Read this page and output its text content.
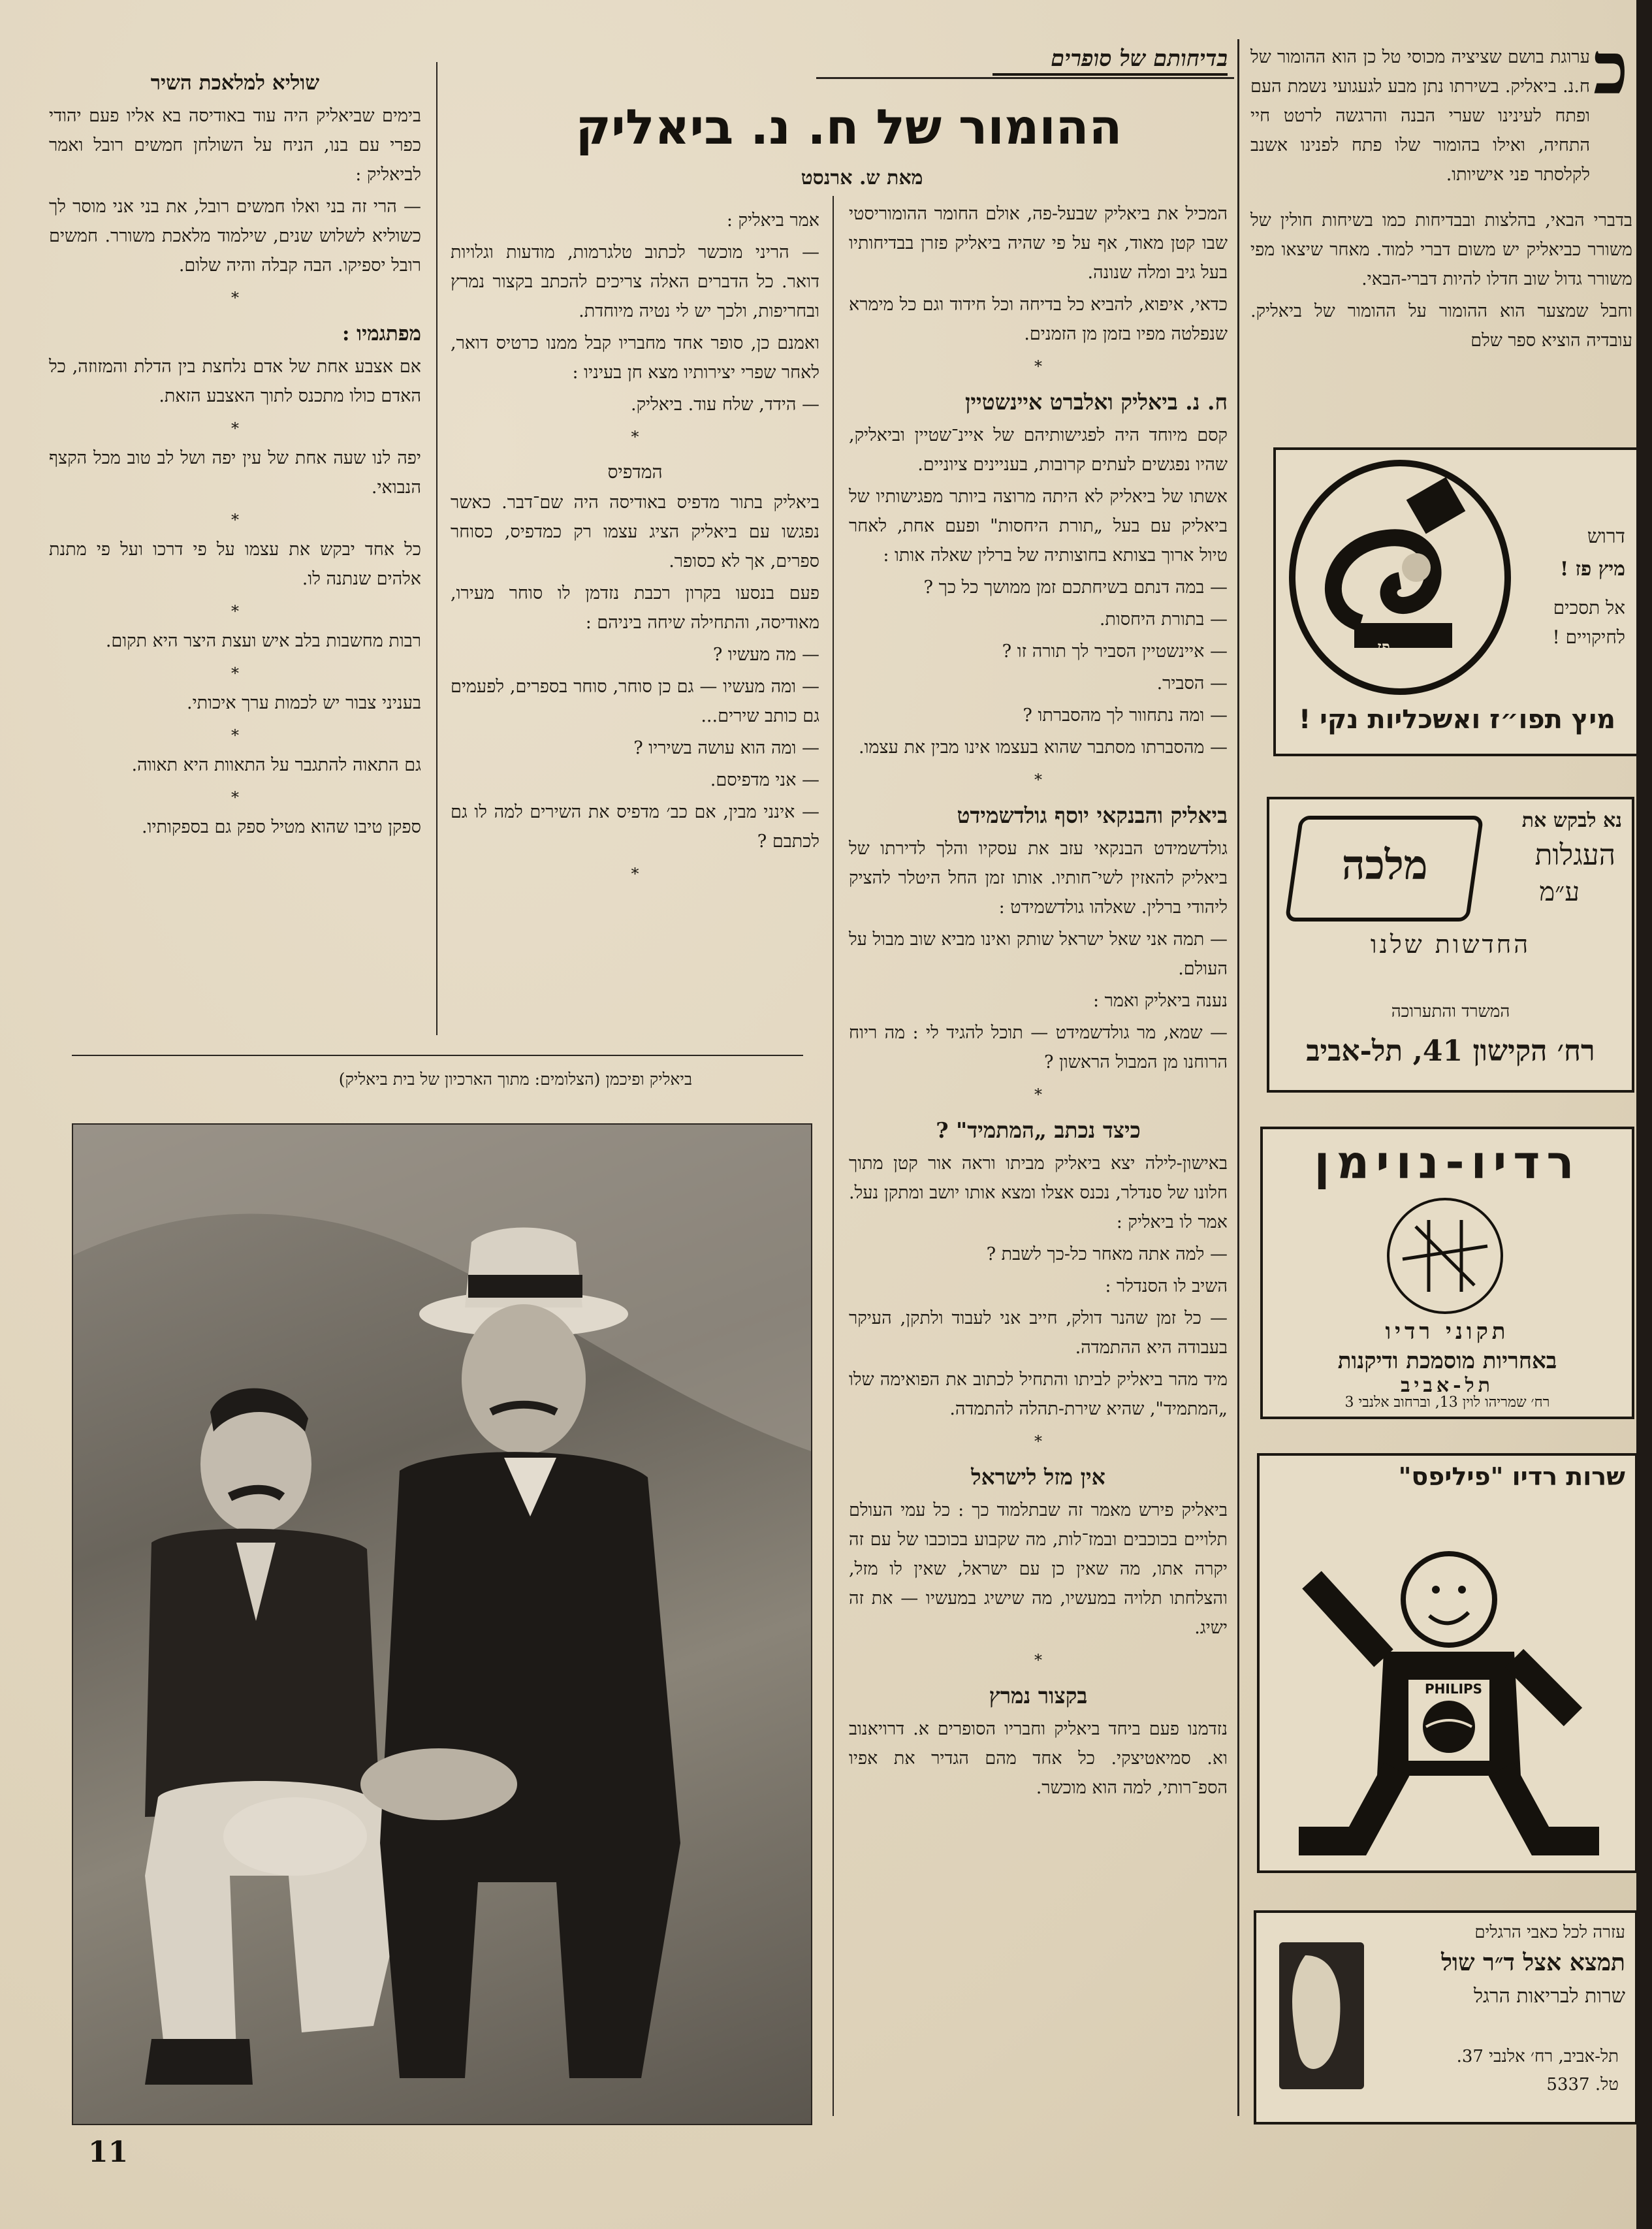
בדיחותם של סופרים
ההומור של ח. נ. ביאליק
מאת ש. ארנסט
כ

ערוגת בושם שציציה מכוסי טל כן הוא ההומור של ח.נ. ביאליק. בשירתו נתן מבע לגעגועי נשמת העם ופתח לעינינו שערי הבנה והרגשה לרטט חיי התחיה, ואילו בהומור שלו פתח לפנינו אשנב לקלסתר פני אישיותו.

בדברי הבאי, בהלצות ובבדיחות כמו בשיחות חולין של משורר כביאליק יש משום דברי למוד. מאחר שיצאו מפי משורר גדול שוב חדלו להיות דברי-הבאי.

וחבל שמצער הוא ההומור על ההומור של ביאליק. עובדיה הוציא ספר שלם

דרוש
מיץ פז !
אל תסכים
לחיקויים !
פז
מיץ תפו״ז ואשכליות נקי !
נא לבקש את
העגלות
ע״מ
מלכה
החדשות שלנו
המשרד והתערוכה
רח׳ הקישון 41, תל-אביב
רדיו-נוימן
תקוני רדיו
באחריות מוסמכת ודיקנות
תל-אביב
רח׳ שמריהו לוין 13, וברחוב אלנבי 3
שרות רדיו "פיליפס"
PHILIPS
עזרה לכל כאבי הרגלים
תמצא אצל ד״ר שול
שרות לבריאות הרגל
תל-אביב, רח׳ אלנבי 37.
טל. 5337

המכיל את ביאליק שבעל-פה, אולם החומר ההומוריסטי שבו קטן מאוד, אף על פי שהיה ביאליק פזרן בבדיחותיו בעל גיב ומלה שנונה.

כדאי, איפוא, להביא כל בדיחה וכל חידוד וגם כל מימרא שנפלטה מפיו בזמן מן הזמנים.

*
ח. נ. ביאליק ואלברט איינשטיין

קסם מיוחד היה לפגישותיהם של איינ־שטיין וביאליק, שהיו נפגשים לעתים קרובות, בעניינים ציוניים.

אשתו של ביאליק לא היתה מרוצה ביותר מפגישותיו של ביאליק עם בעל „תורת היחסות" ופעם אחת, לאחר טיול ארוך בצותא בחוצותיה של ברלין שאלה אותו :

— במה דנתם בשיחתכם זמן ממושך כל כך ?

— בתורת היחסות.

— איינשטיין הסביר לך תורה זו ?

— הסביר.

— ומה נתחוור לך מהסברתו ?

— מהסברתו מסתבר שהוא בעצמו אינו מבין את עצמו.

*
ביאליק והבנקאי יוסף גולדשמידט

גולדשמידט הבנקאי עזב את עסקיו והלך לדירתו של ביאליק להאזין לשי־חותיו. אותו זמן החל היטלר להציק ליהודי ברלין. שאלהו גולדשמידט :

— תמה אני שאל ישראל שותק ואינו מביא שוב מבול על העולם.

נענה ביאליק ואמר :

— שמא, מר גולדשמידט — תוכל להגיד לי : מה ריוח הרוחנו מן המבול הראשון ?

*
כיצד נכתב „המתמיד" ?

באישון-לילה יצא ביאליק מביתו וראה אור קטן מתוך חלונו של סנדלר, נכנס אצלו ומצא אותו יושב ומתקן נעל. אמר לו ביאליק :

— למה אתה מאחר כל-כך לשבת ?

השיב לו הסנדלר :

— כל זמן שהנר דולק, חייב אני לעבוד ולתקן, העיקר בעבודה היא ההתמדה.

מיד מהר ביאליק לביתו והתחיל לכתוב את הפואימה שלו „המתמיד", שהיא שירת-תהלה להתמדה.

*
אין מזל לישראל

ביאליק פירש מאמר זה שבתלמוד כך : כל עמי העולם תלויים בכוכבים ובמז־לות, מה שקבוע בכוכבו של עם זה יקרה אתו, מה שאין כן עם ישראל, שאין לו מזל, והצלחתו תלויה במעשיו, מה שישיג במעשיו — את זה ישיג.

*
בקצור נמרץ

נזדמנו פעם ביחד ביאליק וחבריו הסופרים א. דרויאנוב וא. סמיאטיצקי. כל אחד מהם הגדיר את אפיו הספ־רותי, למה הוא מוכשר.

אמר ביאליק :

— הריני מוכשר לכתוב טלגרמות, מודעות וגלויות דואר. כל הדברים האלה צריכים להכתב בקצור נמרץ ובחריפות, ולכך יש לי נטיה מיוחדת.

ואמנם כן, סופר אחד מחבריו קבל ממנו כרטיס דואר, לאחר שפרי יצירותיו מצא חן בעיניו :

— הידד, שלח עוד. ביאליק.

*
המדפיס

ביאליק בתור מדפיס באודיסה היה שם־דבר. כאשר נפגשו עם ביאליק הציג עצמו רק כמדפיס, כסוחר ספרים, אך לא כסופר.

פעם בנסעו בקרון רכבת נזדמן לו סוחר מעירו, מאודיסה, והתחילה שיחה ביניהם :

— מה מעשיו ?

— ומה מעשיו — גם כן סוחר, סוחר בספרים, לפעמים גם כותב שירים...

— ומה הוא עושה בשיריו ?

— אני מדפיסם.

— אינני מבין, אם כב׳ מדפיס את השירים למה לו גם לכתבם ?

*
שוליא למלאכת השיר

בימים שביאליק היה עוד באודיסה בא אליו פעם יהודי כפרי עם בנו, הניח על השולחן חמשים רובל ואמר לביאליק :

— הרי זה בני ואלו חמשים רובל, את בני אני מוסר לך כשוליא לשלוש שנים, שילמוד מלאכת משורר. חמשים רובל יספיקו. הבה קבלה והיה שלום.

*
מפתגמיו :

אם אצבע אחת של אדם נלחצת בין הדלת והמזוזה, כל האדם כולו מתכנס לתוך האצבע הזאת.

*

יפה לנו שעה אחת של עין יפה ושל לב טוב מכל הקצף הנבואי.

*

כל אחד יבקש את עצמו על פי דרכו ועל פי מתנת אלהים שנתנה לו.

*

רבות מחשבות בלב איש ועצת היצר היא תקום.

*

בעניני צבור יש לכמות ערך איכותי.

*

גם התאוה להתגבר על התאוות היא תאווה.

*

ספקן טיבו שהוא מטיל ספק גם בספקותיו.

ביאליק ופיכמן (הצלומים: מתוך הארכיון של בית ביאליק)
11
